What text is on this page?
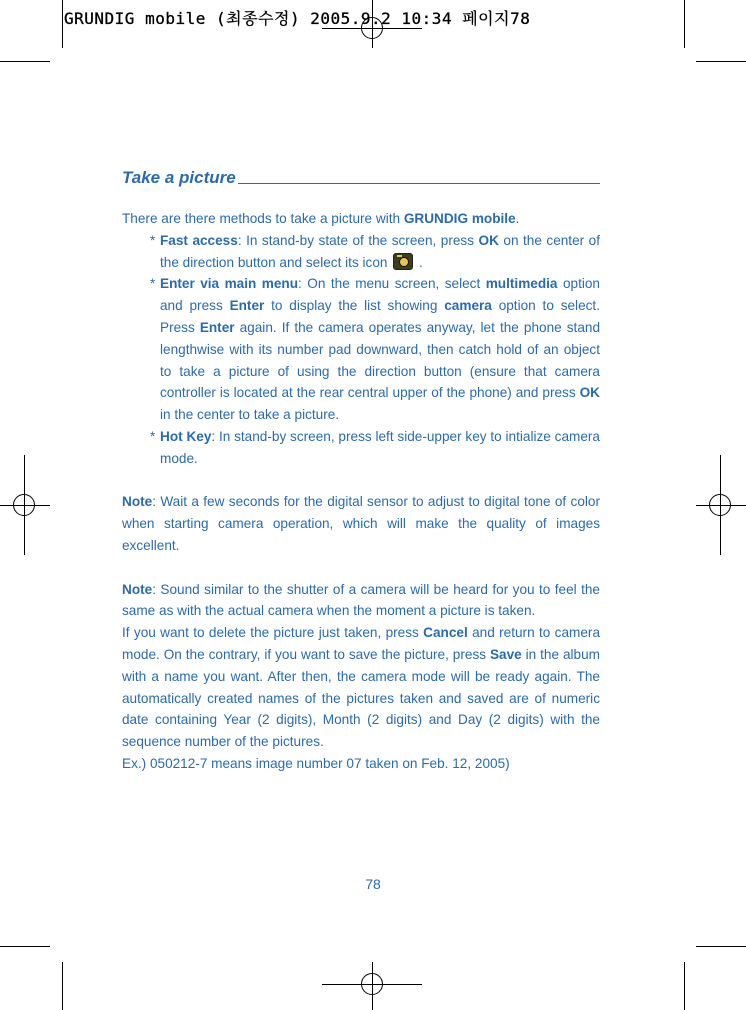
GRUNDIG mobile (최종수정) 2005.9.2 10:34 페이지78
Take a picture

There are there methods to take a picture with GRUNDIG mobile.

* Fast access: In stand-by state of the screen, press OK on the center of the direction button and select its icon  .

* Enter via main menu: On the menu screen, select multimedia option and press Enter to display the list showing camera option to select. Press Enter again. If the camera operates anyway, let the phone stand lengthwise with its number pad downward, then catch hold of an object to take a picture of using the direction button (ensure that camera controller is located at the rear central upper of the phone) and press OK in the center to take a picture.

* Hot Key: In stand-by screen, press left side-upper key to intialize camera mode.

Note: Wait a few seconds for the digital sensor to adjust to digital tone of color when starting camera operation, which will make the quality of images excellent.

Note: Sound similar to the shutter of a camera will be heard for you to feel the same as with the actual camera when the moment a picture is taken.

If you want to delete the picture just taken, press Cancel and return to camera mode. On the contrary, if you want to save the picture, press Save in the album with a name you want. After then, the camera mode will be ready again. The automatically created names of the pictures taken and saved are of numeric date containing Year (2 digits), Month (2 digits) and Day (2 digits) with the sequence number of the pictures.

Ex.) 050212-7 means image number 07 taken on Feb. 12, 2005)

78
